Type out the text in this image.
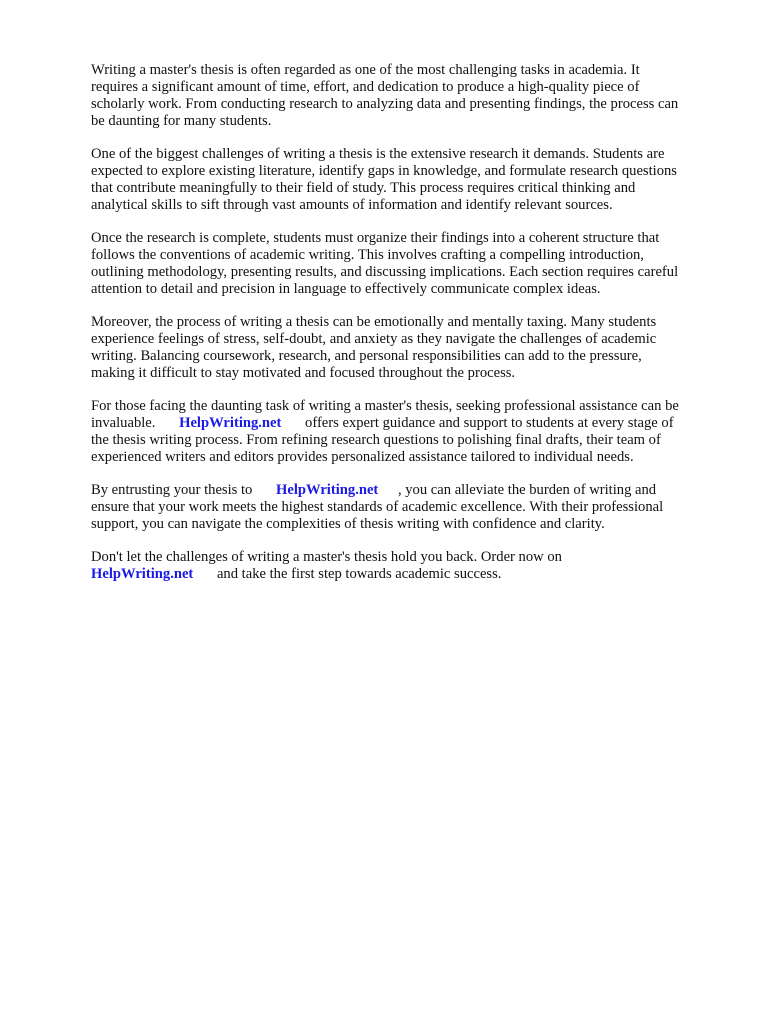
Writing a master's thesis is often regarded as one of the most challenging tasks in academia. It
requires a significant amount of time, effort, and dedication to produce a high-quality piece of
scholarly work. From conducting research to analyzing data and presenting findings, the process can
be daunting for many students.
One of the biggest challenges of writing a thesis is the extensive research it demands. Students are
expected to explore existing literature, identify gaps in knowledge, and formulate research questions
that contribute meaningfully to their field of study. This process requires critical thinking and
analytical skills to sift through vast amounts of information and identify relevant sources.
Once the research is complete, students must organize their findings into a coherent structure that
follows the conventions of academic writing. This involves crafting a compelling introduction,
outlining methodology, presenting results, and discussing implications. Each section requires careful
attention to detail and precision in language to effectively communicate complex ideas.
Moreover, the process of writing a thesis can be emotionally and mentally taxing. Many students
experience feelings of stress, self-doubt, and anxiety as they navigate the challenges of academic
writing. Balancing coursework, research, and personal responsibilities can add to the pressure,
making it difficult to stay motivated and focused throughout the process.
For those facing the daunting task of writing a master's thesis, seeking professional assistance can be
invaluable. HelpWriting.net offers expert guidance and support to students at every stage of
the thesis writing process. From refining research questions to polishing final drafts, their team of
experienced writers and editors provides personalized assistance tailored to individual needs.
By entrusting your thesis to HelpWriting.net , you can alleviate the burden of writing and
ensure that your work meets the highest standards of academic excellence. With their professional
support, you can navigate the complexities of thesis writing with confidence and clarity.
Don't let the challenges of writing a master's thesis hold you back. Order now on
HelpWriting.net and take the first step towards academic success.
